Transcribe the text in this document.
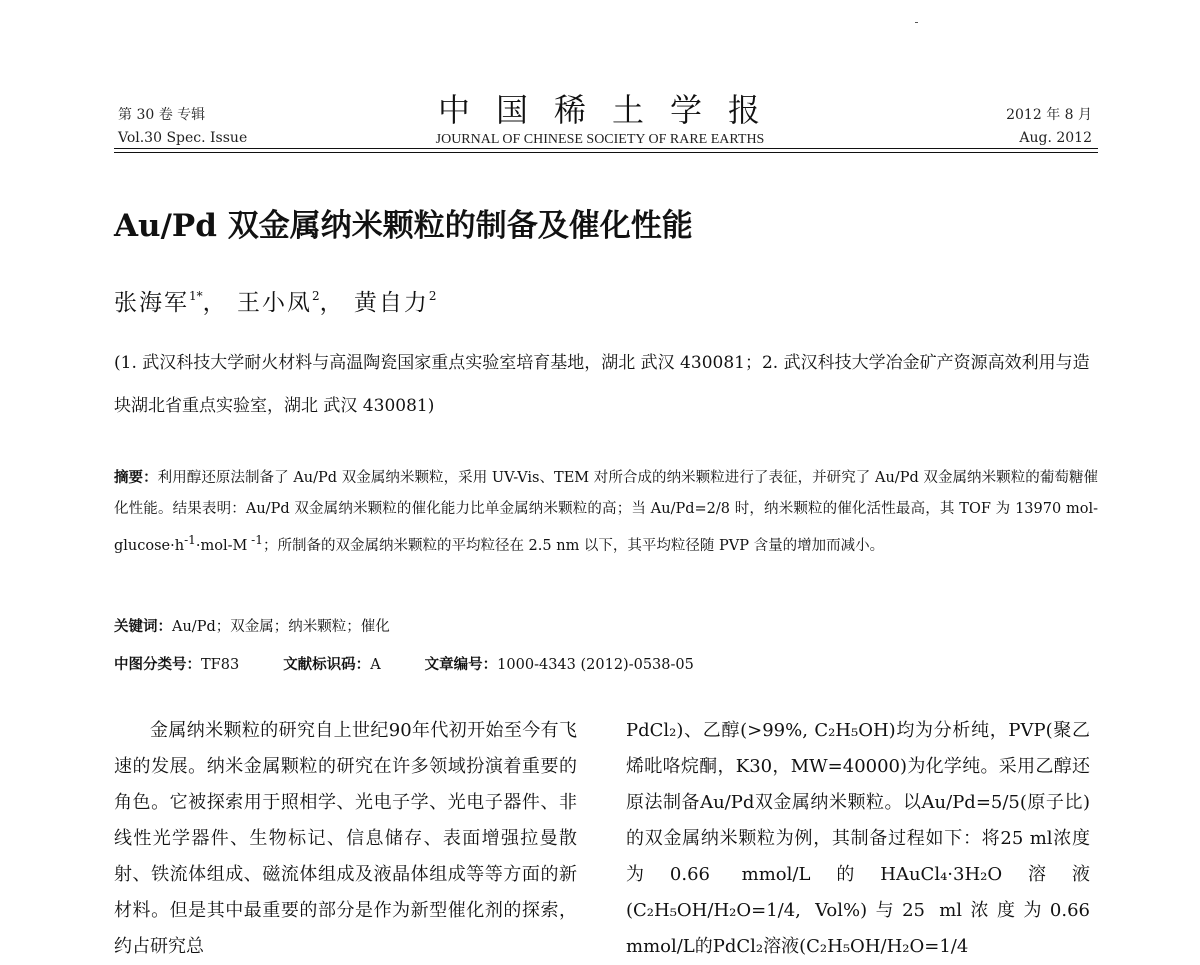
第 30 卷 专辑
Vol.30 Spec. Issue
中国稀土学报
JOURNAL OF CHINESE SOCIETY OF RARE EARTHS
2012 年 8 月
Aug. 2012
Au/Pd 双金属纳米颗粒的制备及催化性能
张海军$^{1*}$， 王小凤$^2$， 黄自力$^2$
(1. 武汉科技大学耐火材料与高温陶瓷国家重点实验室培育基地，湖北 武汉 430081；2. 武汉科技大学冶金矿产资源高效利用与造块湖北省重点实验室，湖北 武汉 430081)
摘要：利用醇还原法制备了 Au/Pd 双金属纳米颗粒，采用 UV-Vis、TEM 对所合成的纳米颗粒进行了表征，并研究了 Au/Pd 双金属纳米颗粒的葡萄糖催化性能。结果表明：Au/Pd 双金属纳米颗粒的催化能力比单金属纳米颗粒的高；当 Au/Pd=2/8 时，纳米颗粒的催化活性最高，其 TOF 为 13970 mol-$glucose\cdot h^{-1}\cdot mol-M$ $^{-1}$；所制备的双金属纳米颗粒的平均粒径在 2.5 nm 以下，其平均粒径随 PVP 含量的增加而减小。
关键词：Au/Pd；双金属；纳米颗粒；催化
中图分类号：TF83	文献标识码：A	文章编号：1000-4343 (2012)-0538-05
金属纳米颗粒的研究自上世纪90年代初开始至今有飞速的发展。纳米金属颗粒的研究在许多领域扮演着重要的角色。它被探索用于照相学、光电子学、光电子器件、非线性光学器件、生物标记、信息储存、表面增强拉曼散射、铁流体组成、磁流体组成及液晶体组成等等方面的新材料。但是其中最重要的部分是作为新型催化剂的探索，约占研究总
PdCl₂)、乙醇(>99%, C₂H₅OH)均为分析纯，PVP(聚乙烯吡咯烷酮，K30，MW=40000)为化学纯。采用乙醇还原法制备Au/Pd双金属纳米颗粒。以Au/Pd=5/5(原子比)的双金属纳米颗粒为例，其制备过程如下：将25 ml浓度为0.66 mmol/L的HAuCl₄·3H₂O溶液(C₂H₅OH/H₂O=1/4, Vol%)与25 ml浓度为0.66 mmol/L的PdCl₂溶液(C₂H₅OH/H₂O=1/4
